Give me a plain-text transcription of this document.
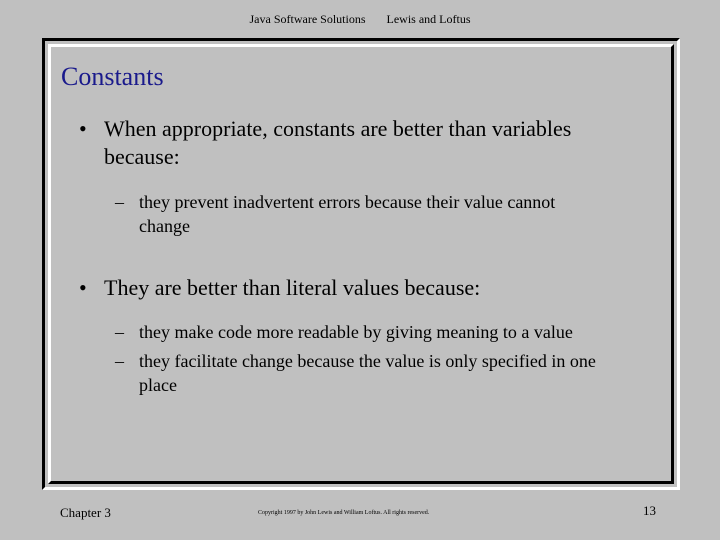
Java Software Solutions Lewis and Loftus
Constants
• When appropriate, constants are better than variables
because:
– they prevent inadvertent errors because their value cannot
change
• They are better than literal values because:
– they make code more readable by giving meaning to a value
– they facilitate change because the value is only specified in one
place
Chapter 3	Copyright 1997 by John Lewis and William Loftus. All rights reserved.	13
